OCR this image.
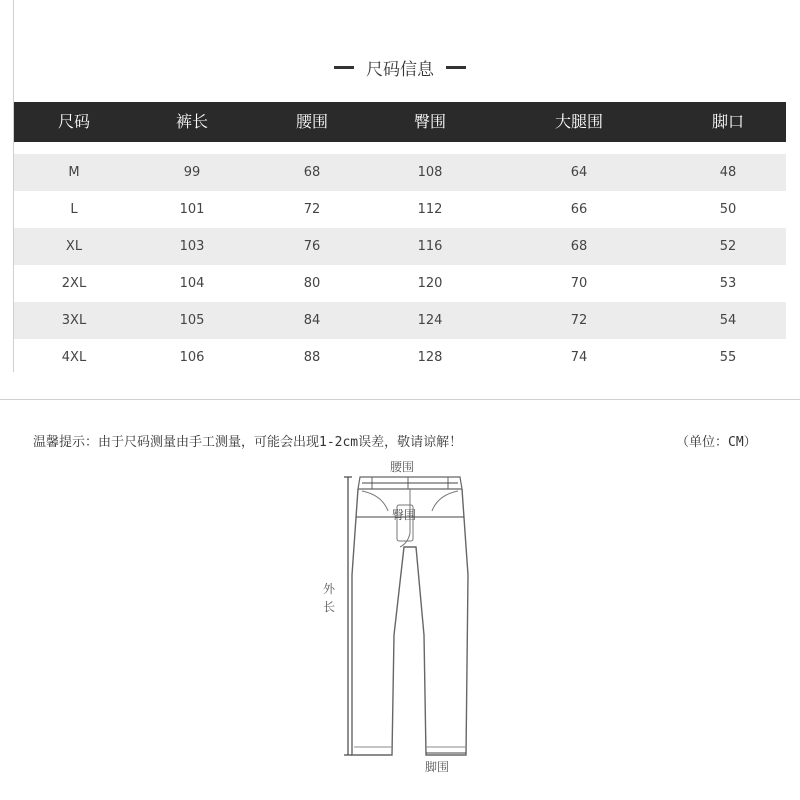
尺码信息
尺码	裤长	腰围	臀围	大腿围	脚口
M	99	68	108	64	48
L	101	72	112	66	50
XL	103	76	116	68	52
2XL	104	80	120	70	53
3XL	105	84	124	72	54
4XL	106	88	128	74	55
温馨提示：由于尺码测量由手工测量，可能会出现1-2cm误差，敬请谅解！	（单位：CM）
腰围
臀围
外
长
脚围
